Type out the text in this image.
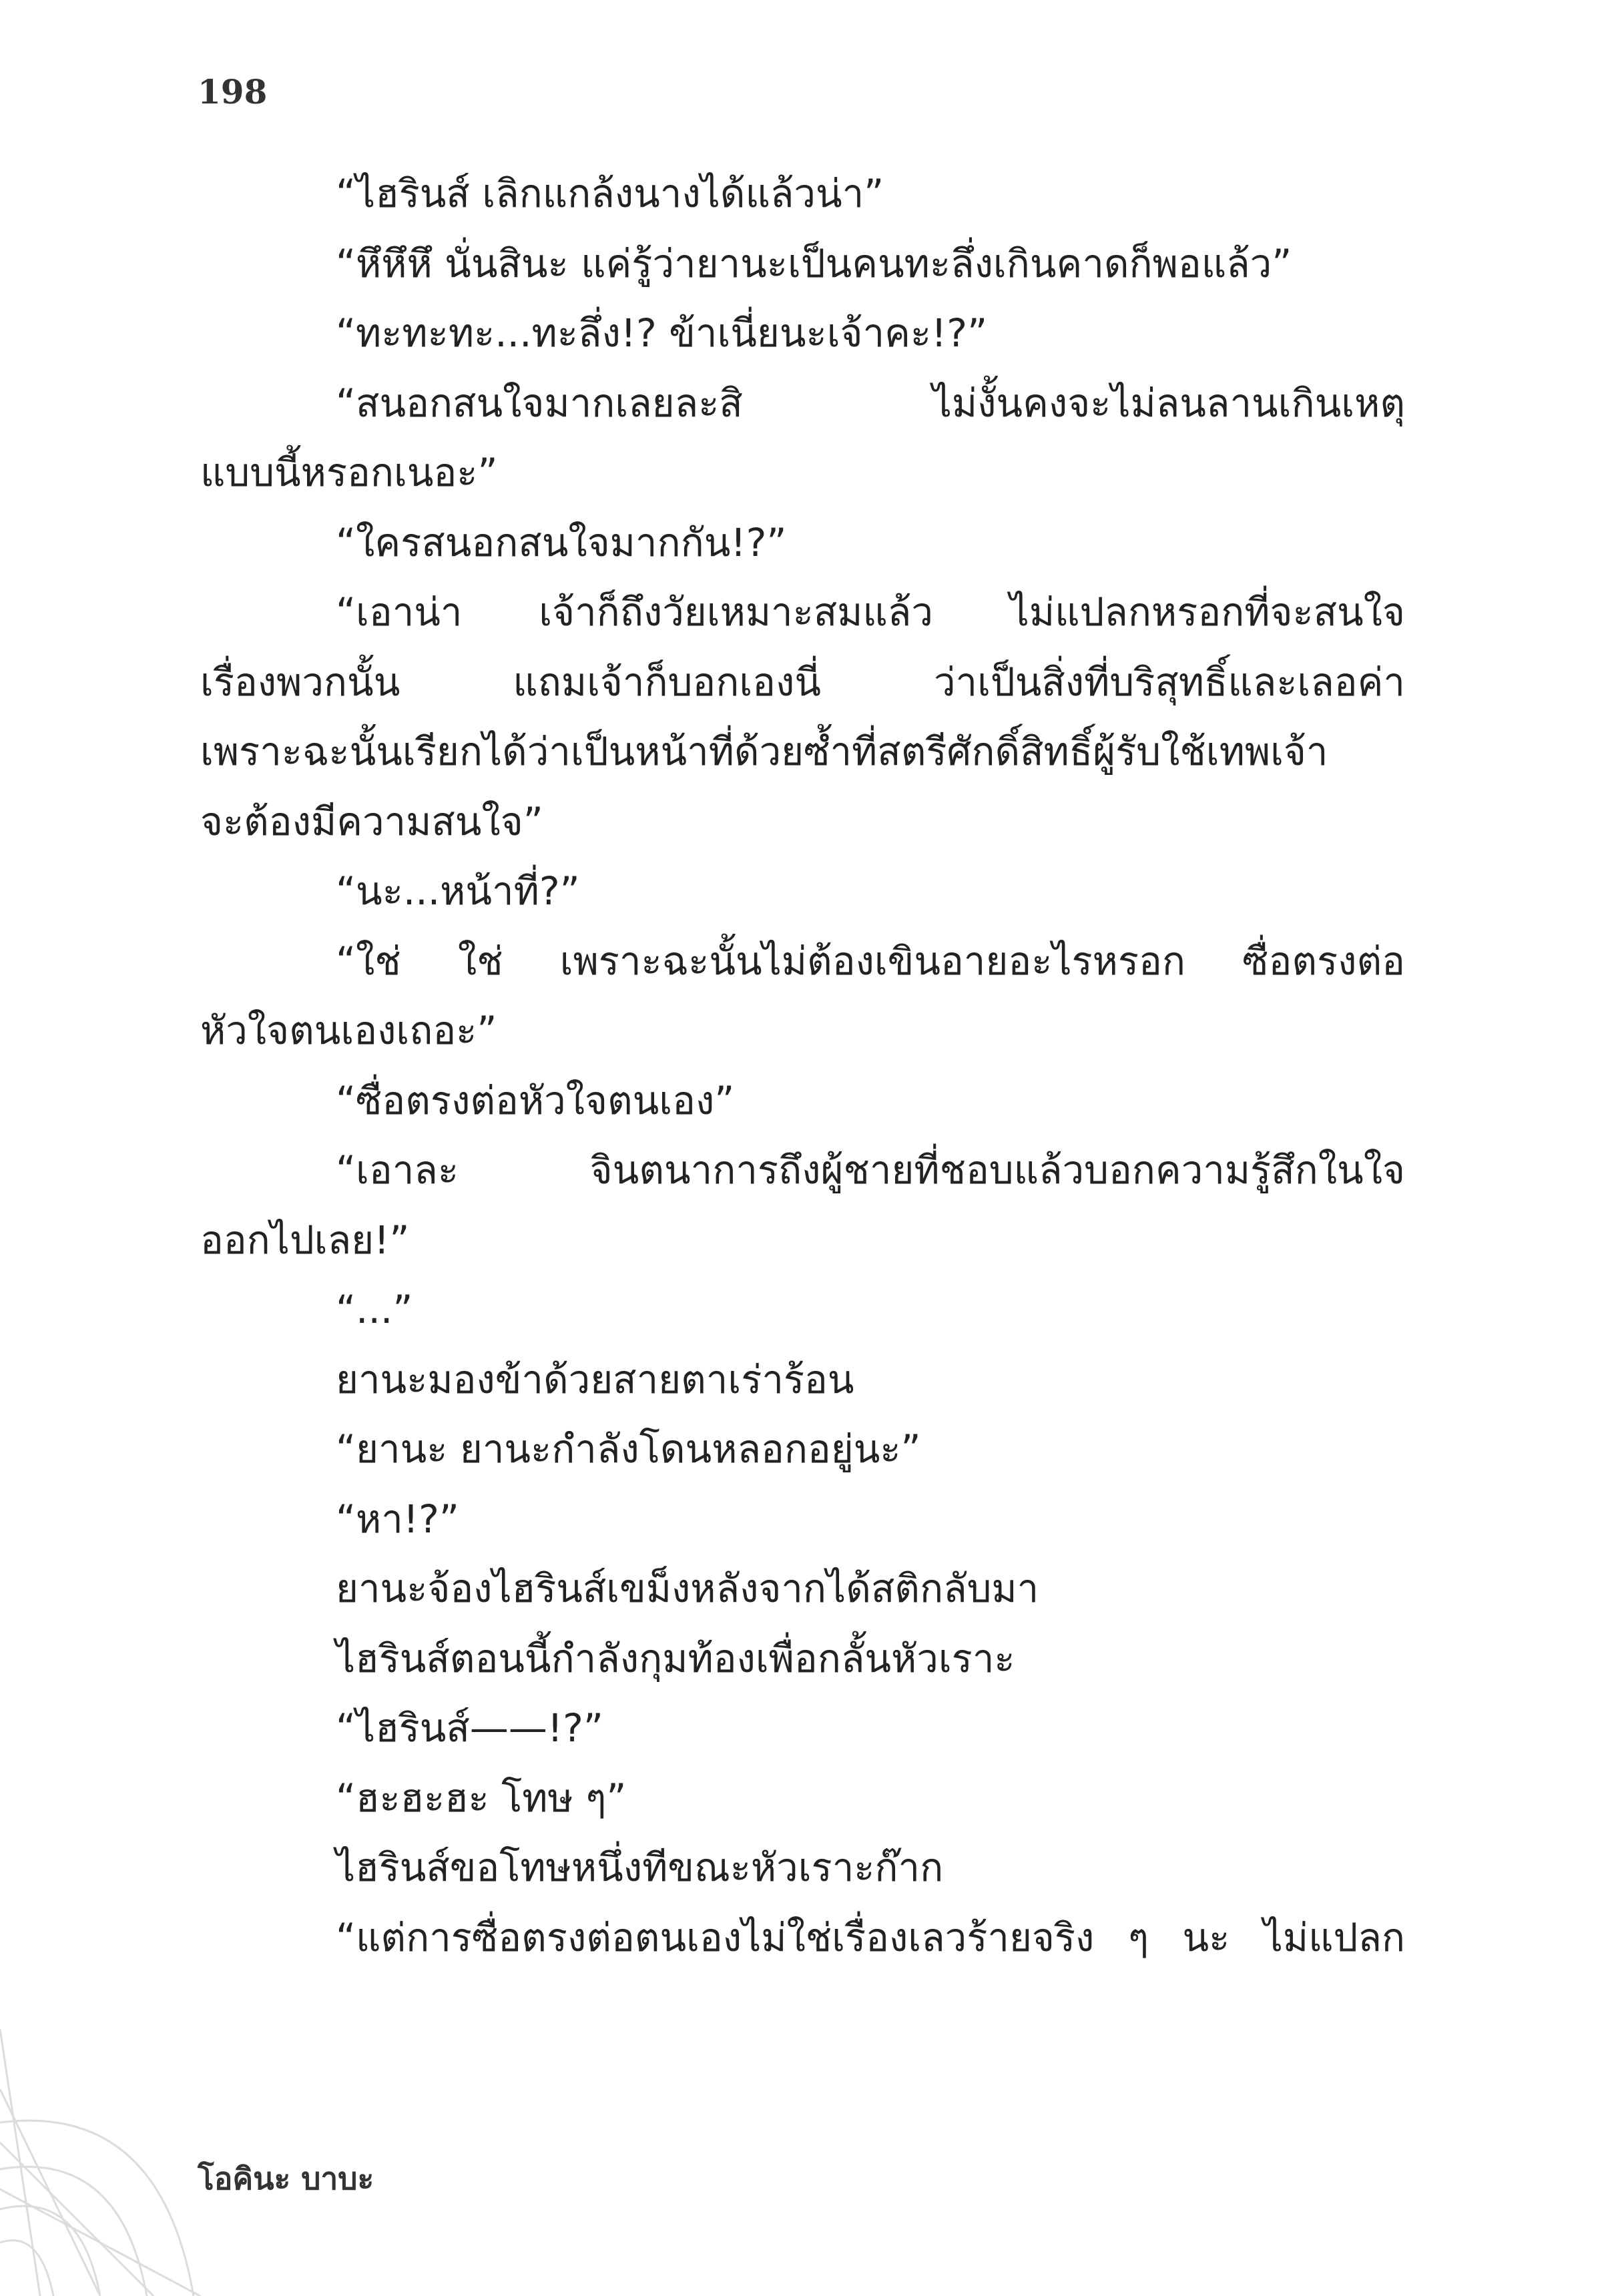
198
“ไฮรินส์ เลิกแกล้งนางได้แล้วน่า”
“หึหึหึ นั่นสินะ แค่รู้ว่ายานะเป็นคนทะลึ่งเกินคาดก็พอแล้ว”
“ทะทะทะ...ทะลึ่ง!? ข้าเนี่ยนะเจ้าคะ!?”
“สนอกสนใจมากเลยละสิ ไม่งั้นคงจะไม่ลนลานเกินเหตุ
แบบนี้หรอกเนอะ”
“ใครสนอกสนใจมากกัน!?”
“เอาน่า เจ้าก็ถึงวัยเหมาะสมแล้ว ไม่แปลกหรอกที่จะสนใจ
เรื่องพวกนั้น แถมเจ้าก็บอกเองนี่ ว่าเป็นสิ่งที่บริสุทธิ์และเลอค่า
เพราะฉะนั้นเรียกได้ว่าเป็นหน้าที่ด้วยซ้ำที่สตรีศักดิ์สิทธิ์ผู้รับใช้เทพเจ้า
จะต้องมีความสนใจ”
“นะ...หน้าที่?”
“ใช่ ใช่ เพราะฉะนั้นไม่ต้องเขินอายอะไรหรอก ซื่อตรงต่อ
หัวใจตนเองเถอะ”
“ซื่อตรงต่อหัวใจตนเอง”
“เอาละ จินตนาการถึงผู้ชายที่ชอบแล้วบอกความรู้สึกในใจ
ออกไปเลย!”
“...”
ยานะมองข้าด้วยสายตาเร่าร้อน
“ยานะ ยานะกำลังโดนหลอกอยู่นะ”
“หา!?”
ยานะจ้องไฮรินส์เขม็งหลังจากได้สติกลับมา
ไฮรินส์ตอนนี้กำลังกุมท้องเพื่อกลั้นหัวเราะ
“ไฮรินส์——!?”
“ฮะฮะฮะ โทษ ๆ”
ไฮรินส์ขอโทษหนึ่งทีขณะหัวเราะก๊าก
“แต่การซื่อตรงต่อตนเองไม่ใช่เรื่องเลวร้ายจริง ๆ นะ ไม่แปลก
โอคินะ บาบะ
